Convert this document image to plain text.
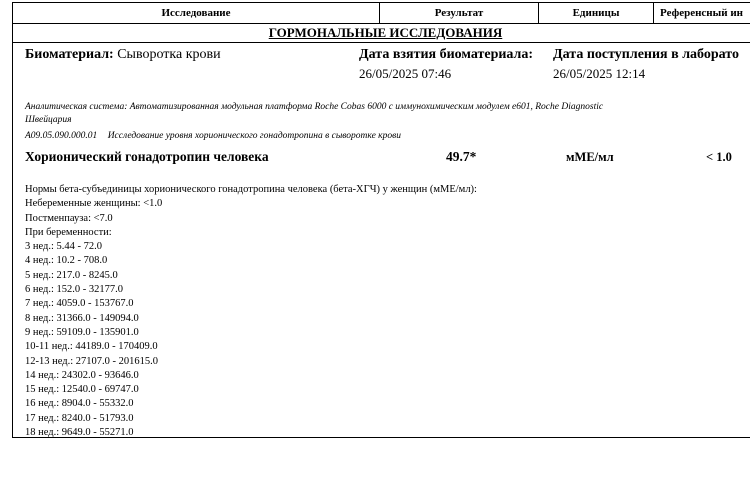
Исследование	Результат	Единицы	Референсный ин
ГОРМОНАЛЬНЫЕ ИССЛЕДОВАНИЯ
Биоматериал: Сыворотка крови	Дата взятия биоматериала:
26/05/2025 07:46
Дата поступления в лаборато
26/05/2025 12:14
Аналитическая система: Автоматизированная модульная платформа Roche Cobas 6000 с иммунохимическим модулем e601, Roche Diagnostic
Швейцария
A09.05.090.000.01 Исследование уровня хорионического гонадотропина в сыворотке крови
Хорионический гонадотропин человека	49.7*	мМЕ/мл	< 1.0
Нормы бета-субъединицы хорионического гонадотропина человека (бета-ХГЧ) у женщин (мМЕ/мл):
Небеременные женщины: <1.0
Постменпауза: <7.0
При беременности:
3 нед.: 5.44 - 72.0
4 нед.: 10.2 - 708.0
5 нед.: 217.0 - 8245.0
6 нед.: 152.0 - 32177.0
7 нед.: 4059.0 - 153767.0
8 нед.: 31366.0 - 149094.0
9 нед.: 59109.0 - 135901.0
10-11 нед.: 44189.0 - 170409.0
12-13 нед.: 27107.0 - 201615.0
14 нед.: 24302.0 - 93646.0
15 нед.: 12540.0 - 69747.0
16 нед.: 8904.0 - 55332.0
17 нед.: 8240.0 - 51793.0
18 нед.: 9649.0 - 55271.0
